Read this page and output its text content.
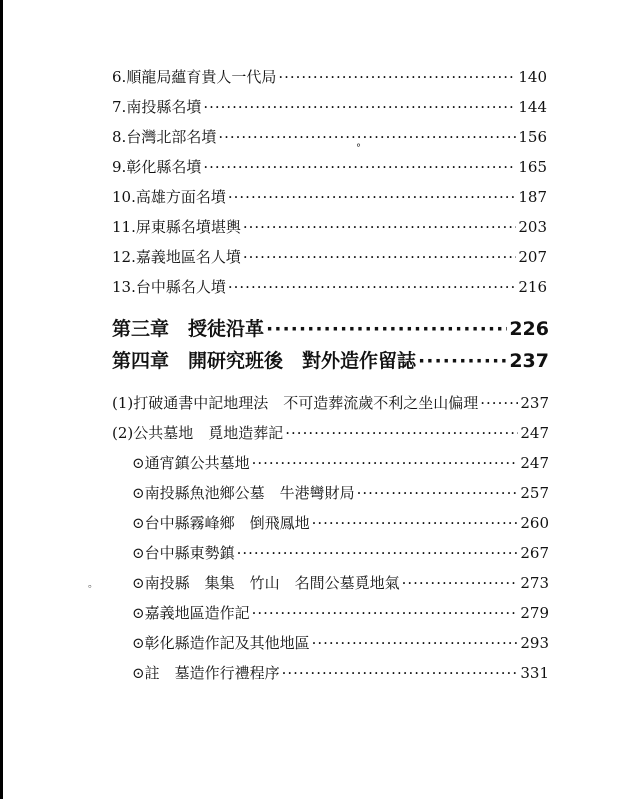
6. 順龍局蘊育貴人一代局 ·····	140
7. 南投縣名墳 ·····	144
8. 台灣北部名墳 ·····	156
9. 彰化縣名墳 ·····	165
10. 高雄方面名墳 ·····	187
11. 屏東縣名墳堪輿 ·····	203
12. 嘉義地區名人墳 ·····	207
13. 台中縣名人墳 ·····	216
第三章　授徒沿革 ·····	226
第四章　開研究班後　對外造作留誌 ·····	237
(1) 打破通書中記地理法　不可造葬流歲不利之坐山偏理 ·····	237
(2) 公共墓地　覓地造葬記 ·····	247
⊙ 通宵鎮公共墓地 ·····	247
⊙ 南投縣魚池鄉公墓　牛港彎財局 ·····	257
⊙ 台中縣霧峰鄉　倒飛鳳地 ·····	260
⊙ 台中縣東勢鎮 ·····	267
⊙ 南投縣　集集　竹山　名間公墓覓地氣 ·····	273
⊙ 嘉義地區造作記 ·····	279
⊙ 彰化縣造作記及其他地區 ·····	293
⊙ 註　墓造作行禮程序 ·····	331
°
。
